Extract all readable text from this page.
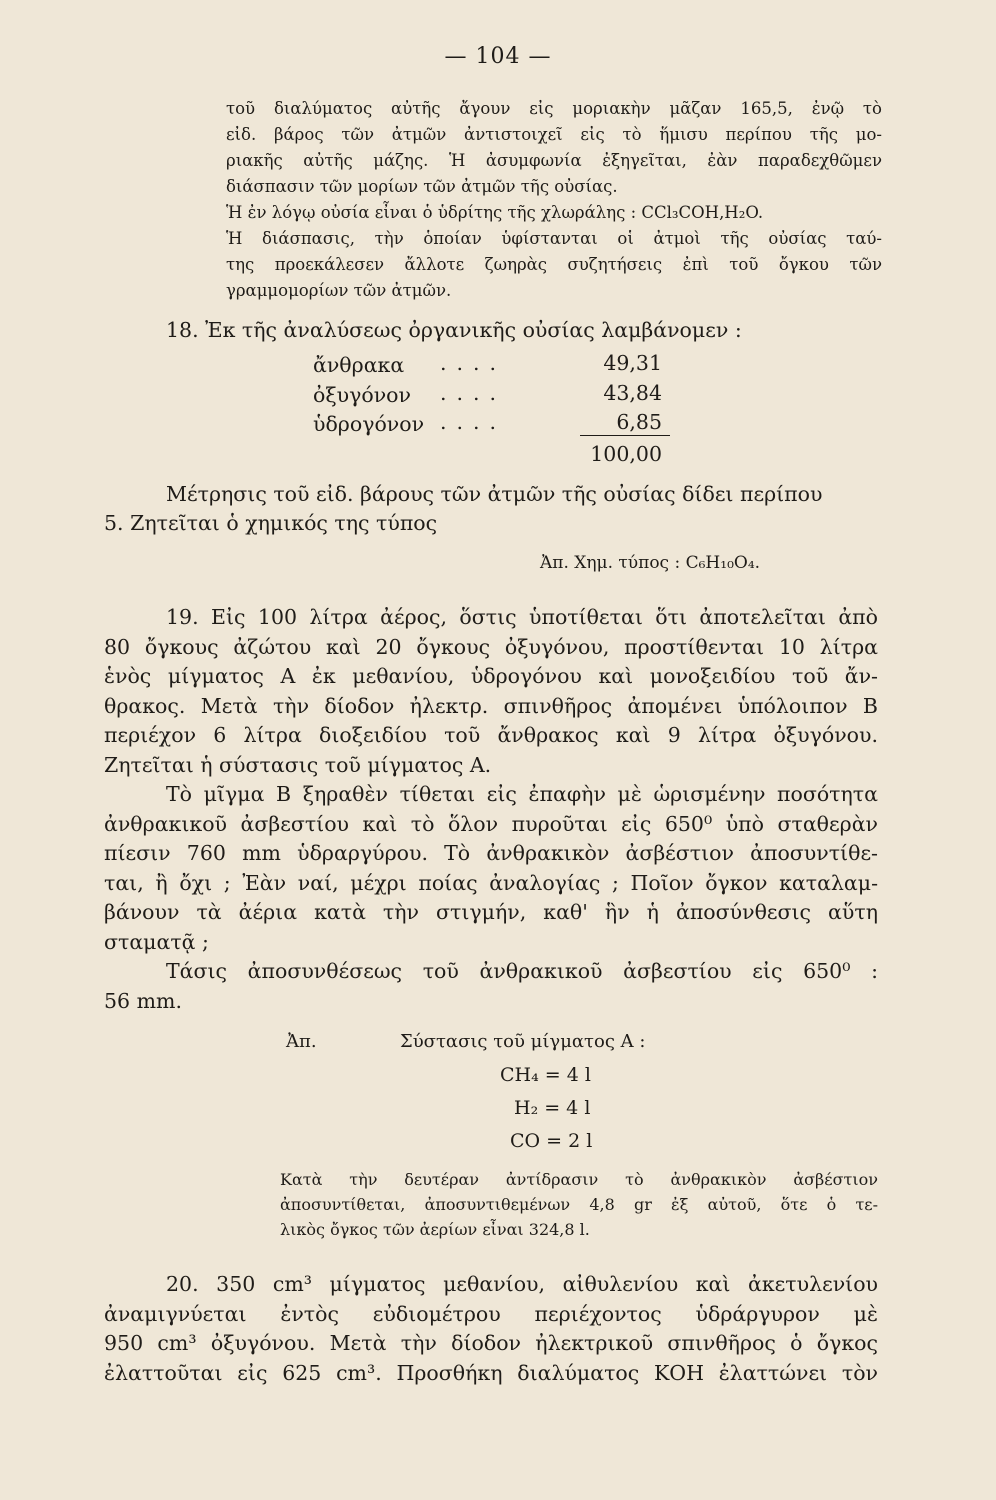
— 104 —

τοῦ διαλύματος αὐτῆς ἄγουν εἰς μοριακὴν μᾶζαν 165,5, ἐνῷ τὸ

εἰδ. βάρος τῶν ἀτμῶν ἀντιστοιχεῖ εἰς τὸ ἥμισυ περίπου τῆς μο-

ριακῆς αὐτῆς μάζης. Ἡ ἀσυμφωνία ἐξηγεῖται, ἐὰν παραδεχθῶμεν

διάσπασιν τῶν μορίων τῶν ἀτμῶν τῆς οὐσίας.

Ἡ ἐν λόγῳ οὐσία εἶναι ὁ ὑδρίτης τῆς χλωράλης : CCl₃COH,H₂O.

Ἡ διάσπασις, τὴν ὁποίαν ὑφίστανται οἱ ἀτμοὶ τῆς οὐσίας ταύ-

της προεκάλεσεν ἄλλοτε ζωηρὰς συζητήσεις ἐπὶ τοῦ ὄγκου τῶν

γραμμομορίων τῶν ἀτμῶν.

18. Ἐκ τῆς ἀναλύσεως ὀργανικῆς οὐσίας λαμβάνομεν :
ἄνθρακα ....	49,31
ὀξυγόνον ....	43,84
ὑδρογόνον ....	6,85
100,00
Μέτρησις τοῦ εἰδ. βάρους τῶν ἀτμῶν τῆς οὐσίας δίδει περίπου
5. Ζητεῖται ὁ χημικός της τύπος
Ἀπ. Χημ. τύπος : C₆H₁₀O₄.

19. Εἰς 100 λίτρα ἀέρος, ὅστις ὑποτίθεται ὅτι ἀποτελεῖται ἀπὸ

80 ὄγκους ἀζώτου καὶ 20 ὄγκους ὀξυγόνου, προστίθενται 10 λίτρα

ἑνὸς μίγματος Α ἐκ μεθανίου, ὑδρογόνου καὶ μονοξειδίου τοῦ ἄν-

θρακος. Μετὰ τὴν δίοδον ἠλεκτρ. σπινθῆρος ἀπομένει ὑπόλοιπον Β

περιέχον 6 λίτρα διοξειδίου τοῦ ἄνθρακος καὶ 9 λίτρα ὀξυγόνου.

Ζητεῖται ἡ σύστασις τοῦ μίγματος Α.

Τὸ μῖγμα Β ξηραθὲν τίθεται εἰς ἐπαφὴν μὲ ὡρισμένην ποσότητα

ἀνθρακικοῦ ἀσβεστίου καὶ τὸ ὅλον πυροῦται εἰς 650⁰ ὑπὸ σταθερὰν

πίεσιν 760 mm ὑδραργύρου. Τὸ ἀνθρακικὸν ἀσβέστιον ἀποσυντίθε-

ται, ἢ ὄχι ; Ἐὰν ναί, μέχρι ποίας ἀναλογίας ; Ποῖον ὄγκον καταλαμ-

βάνουν τὰ ἀέρια κατὰ τὴν στιγμήν, καθ' ἣν ἡ ἀποσύνθεσις αὕτη

σταματᾷ ;

Τάσις ἀποσυνθέσεως τοῦ ἀνθρακικοῦ ἀσβεστίου εἰς 650⁰ :

56 mm.

Ἀπ.	Σύστασις τοῦ μίγματος Α :
CH₄ = 4 l
H₂ = 4 l
CO = 2 l

Κατὰ τὴν δευτέραν ἀντίδρασιν τὸ ἀνθρακικὸν ἀσβέστιον

ἀποσυντίθεται, ἀποσυντιθεμένων 4,8 gr ἐξ αὐτοῦ, ὅτε ὁ τε-

λικὸς ὄγκος τῶν ἀερίων εἶναι 324,8 l.

20. 350 cm³ μίγματος μεθανίου, αἰθυλενίου καὶ ἀκετυλενίου

ἀναμιγνύεται ἐντὸς εὐδιομέτρου περιέχοντος ὑδράργυρον μὲ

950 cm³ ὀξυγόνου. Μετὰ τὴν δίοδον ἠλεκτρικοῦ σπινθῆρος ὁ ὄγκος

ἐλαττοῦται εἰς 625 cm³. Προσθήκη διαλύματος ΚΟΗ ἐλαττώνει τὸν
